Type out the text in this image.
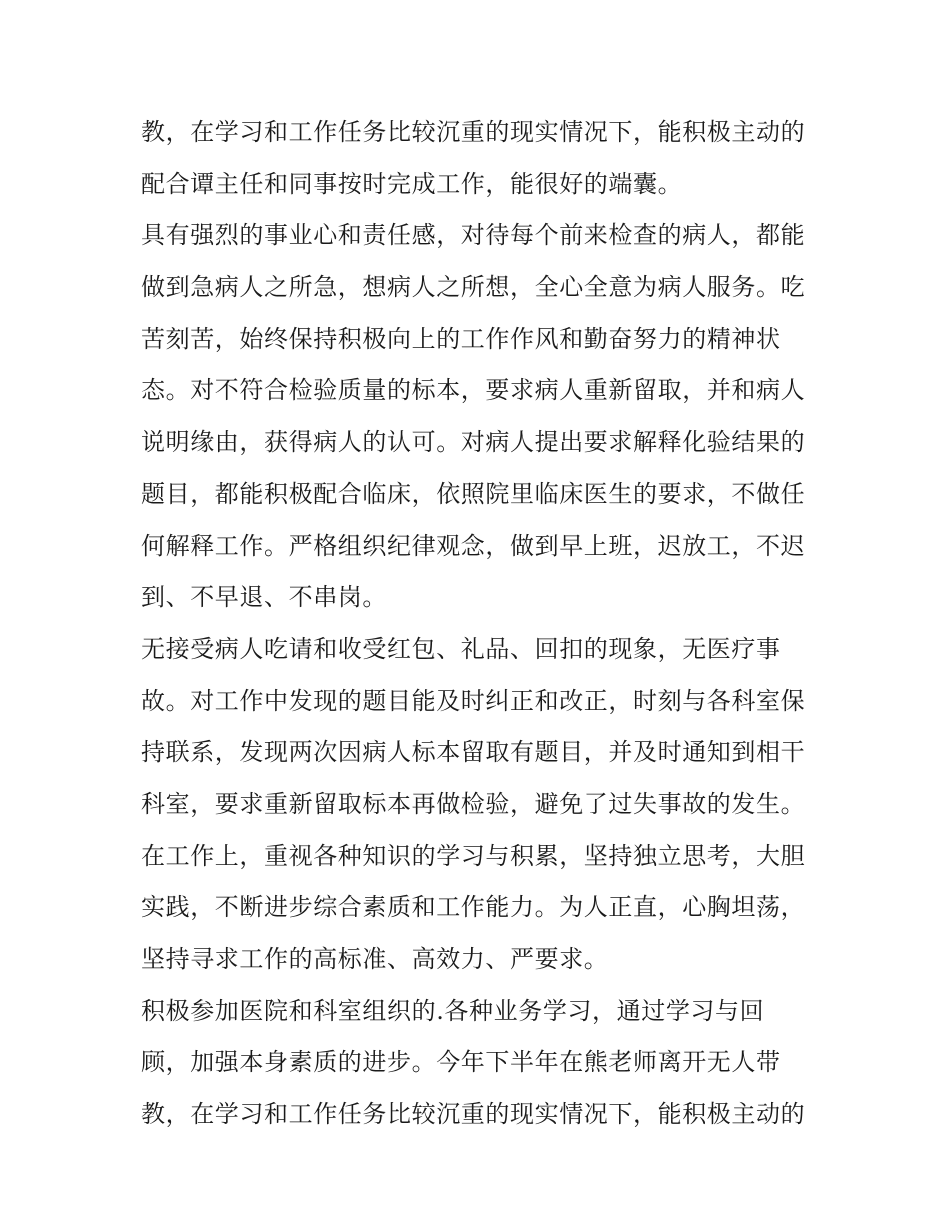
教，在学习和工作任务比较沉重的现实情况下，能积极主动的
配合谭主任和同事按时完成工作，能很好的端囊。
具有强烈的事业心和责任感，对待每个前来检查的病人，都能
做到急病人之所急，想病人之所想，全心全意为病人服务。吃
苦刻苦，始终保持积极向上的工作作风和勤奋努力的精神状
态。对不符合检验质量的标本，要求病人重新留取，并和病人
说明缘由，获得病人的认可。对病人提出要求解释化验结果的
题目，都能积极配合临床，依照院里临床医生的要求，不做任
何解释工作。严格组织纪律观念，做到早上班，迟放工，不迟
到、不早退、不串岗。
无接受病人吃请和收受红包、礼品、回扣的现象，无医疗事
故。对工作中发现的题目能及时纠正和改正，时刻与各科室保
持联系，发现两次因病人标本留取有题目，并及时通知到相干
科室，要求重新留取标本再做检验，避免了过失事故的发生。
在工作上，重视各种知识的学习与积累，坚持独立思考，大胆
实践，不断进步综合素质和工作能力。为人正直，心胸坦荡，
坚持寻求工作的高标准、高效力、严要求。
积极参加医院和科室组织的.各种业务学习，通过学习与回
顾，加强本身素质的进步。今年下半年在熊老师离开无人带
教，在学习和工作任务比较沉重的现实情况下，能积极主动的
